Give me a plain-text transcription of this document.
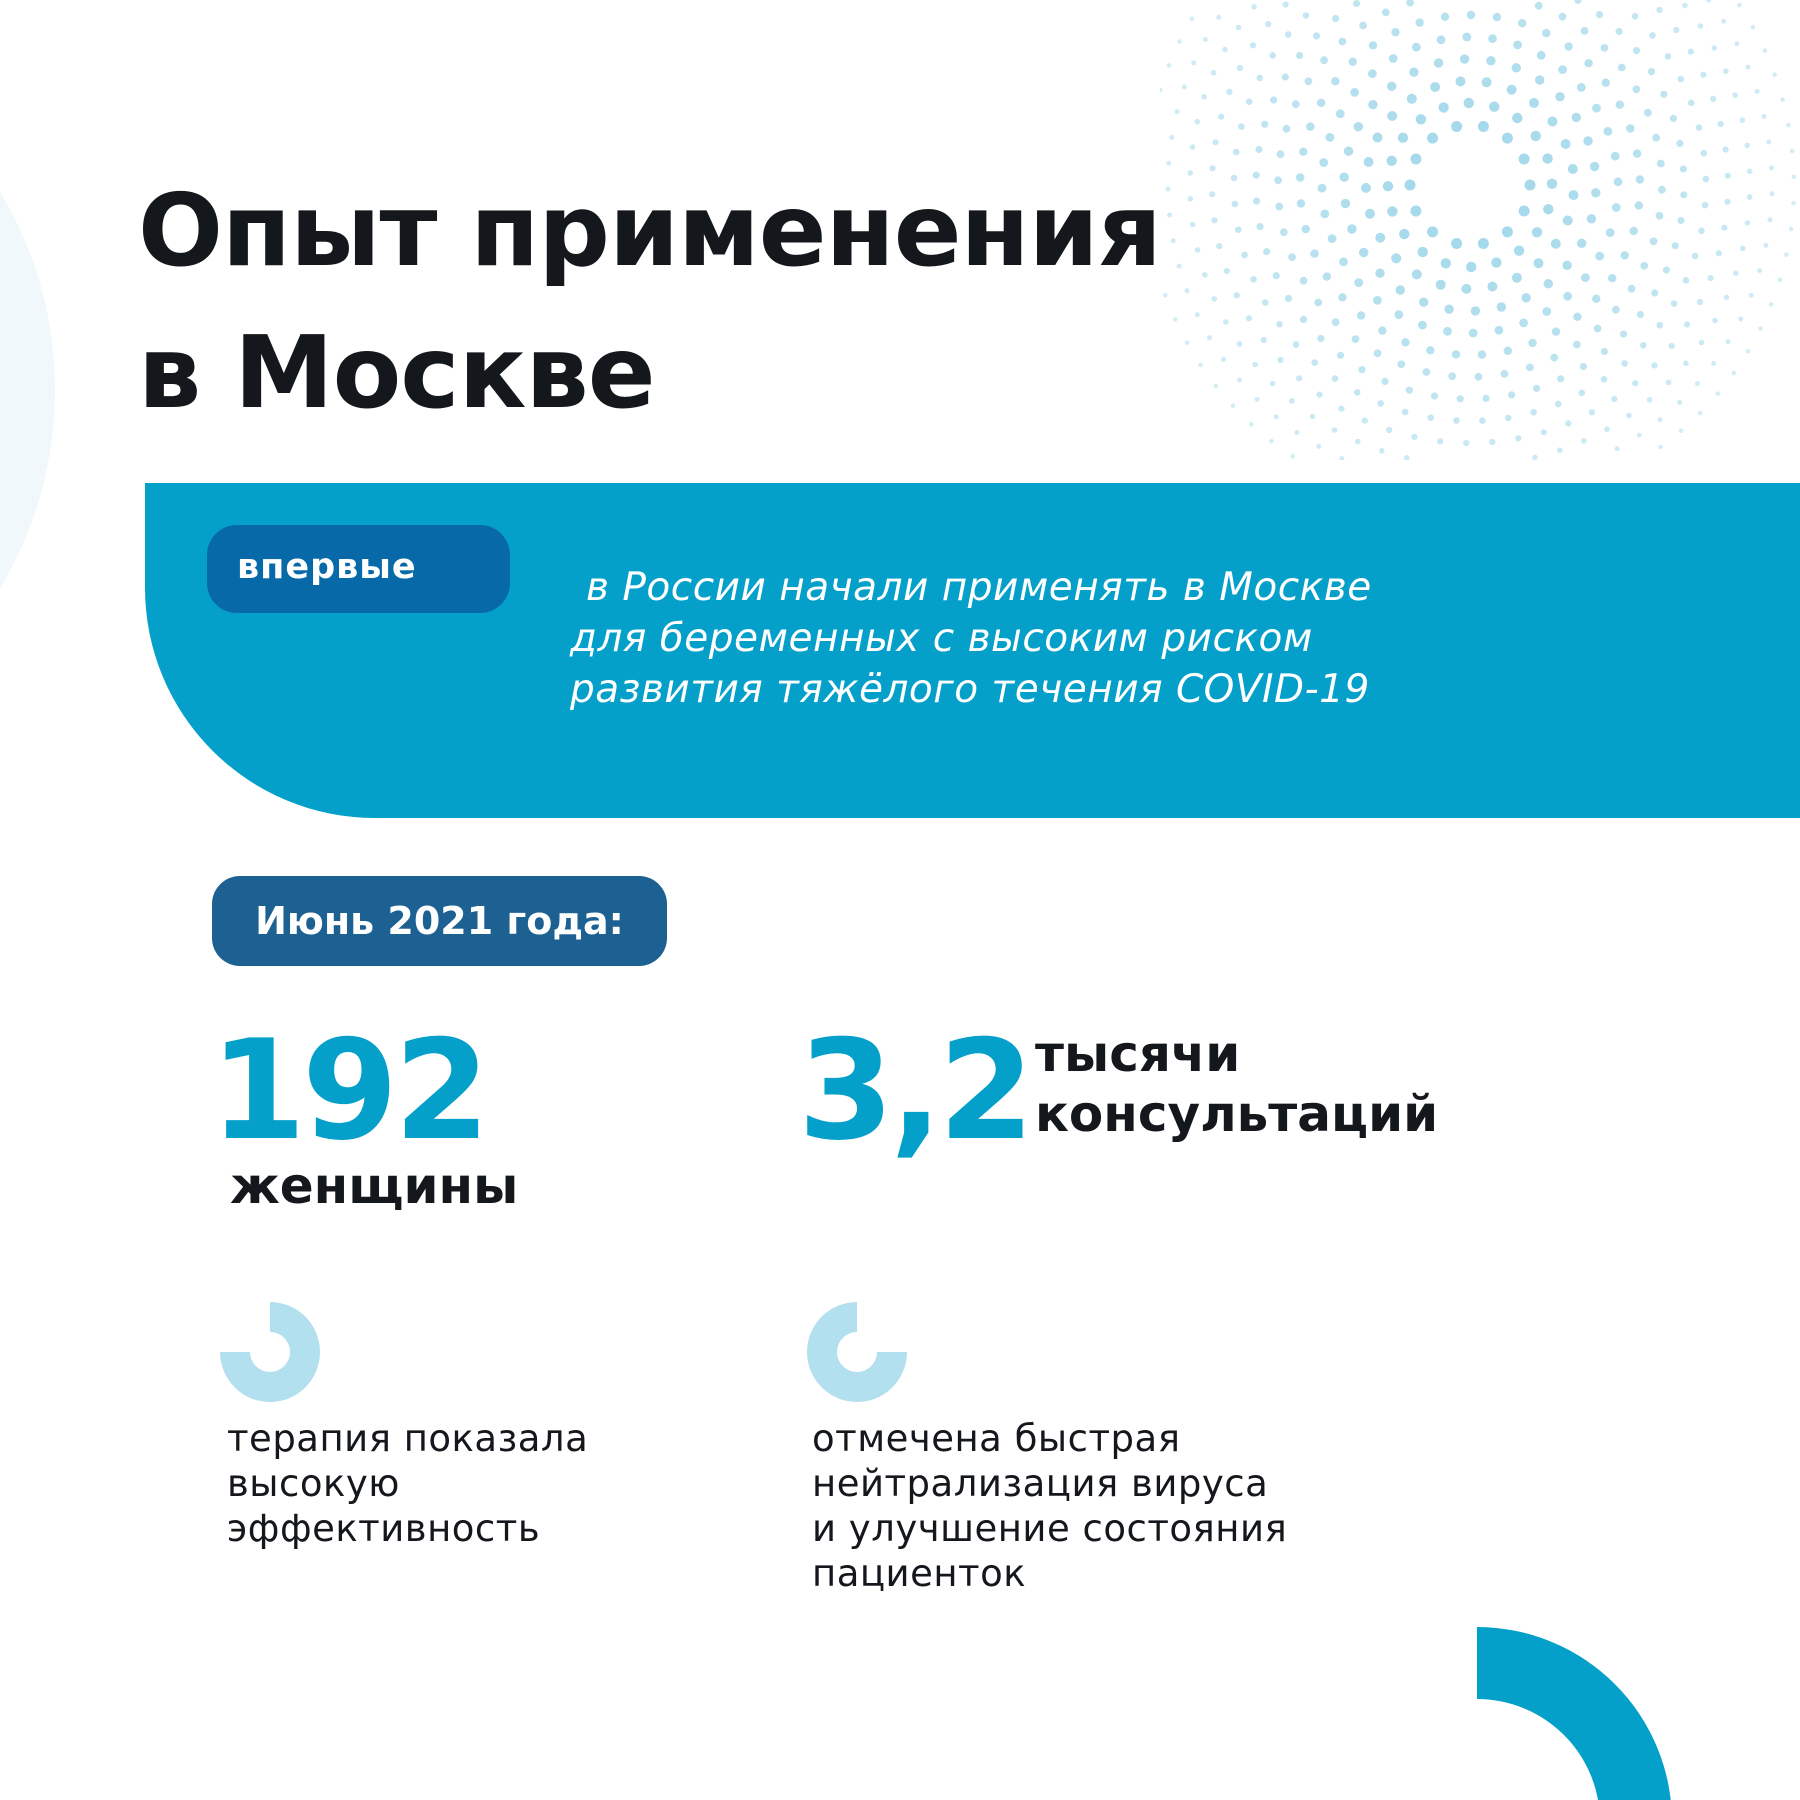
Опыт применения
в Москве
впервые	в России начали применять в Москве
для беременных с высоким риском
развития тяжёлого течения COVID-19
Июнь 2021 года:
192
женщины
3,2 тысячи
консультаций
терапия показала
высокую
эффективность
отмечена быстрая
нейтрализация вируса
и улучшение состояния
пациенток
